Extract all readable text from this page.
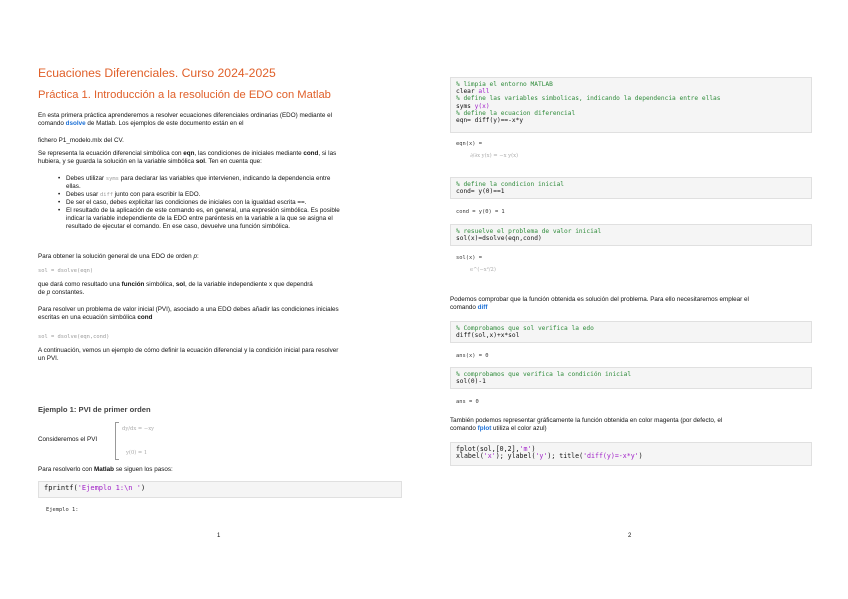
Ecuaciones Diferenciales. Curso 2024-2025
Práctica 1. Introducción a la resolución de EDO con Matlab
En esta primera práctica aprenderemos a resolver ecuaciones diferenciales ordinarias (EDO) mediante el
comando dsolve de Matlab. Los ejemplos de este documento están en el
fichero P1_modelo.mlx del CV.
Se representa la ecuación diferencial simbólica con eqn, las condiciones de iniciales mediante cond, si las
hubiera, y se guarda la solución en la variable simbólica sol. Ten en cuenta que:
• Debes utilizar syms para declarar las variables que intervienen, indicando la dependencia entre
ellas.
• Debes usar diff junto con para escribir la EDO.
• De ser el caso, debes explicitar las condiciones de iniciales con la igualdad escrita ==.
• El resultado de la aplicación de este comando es, en general, una expresión simbólica. Es posible
indicar la variable independiente de la EDO entre paréntesis en la variable a la que se asigna el
resultado de ejecutar el comando. En ese caso, devuelve una función simbólica.
Para obtener la solución general de una EDO de orden p:
sol = dsolve(eqn)
que dará como resultado una función simbólica, sol, de la variable independiente x que dependrá
de p constantes.
Para resolver un problema de valor inicial (PVI), asociado a una EDO debes añadir las condiciones iniciales
escritas en una ecuación simbólica cond
sol = dsolve(eqn,cond)
A continuación, vemos un ejemplo de cómo definir la ecuación diferencial y la condición inicial para resolver
un PVI.
Ejemplo 1: PVI de primer orden
Consideremos el PVI
dy/dx = −xy
y(0) = 1
Para resolverlo con Matlab se siguen los pasos:
fprintf('Ejemplo 1:\n ')
Ejemplo 1:
1
% limpia el entorno MATLAB
clear all
% define las variables simbolicas, indicando la dependencia entre ellas
syms y(x)
% define la ecuacion diferencial
eqn= diff(y)==-x*y
eqn(x) =
∂/∂x y(x) = −x y(x)
% define la condicion inicial
cond= y(0)==1
cond = y(0) = 1
% resuelve el problema de valor inicial
sol(x)=dsolve(eqn,cond)
sol(x) =
e^(−x²/2)
Podemos comprobar que la función obtenida es solución del problema. Para ello necesitaremos emplear el
comando diff
% Comprobamos que sol verifica la edo
diff(sol,x)+x*sol
ans(x) = 0
% comprobamos que verifica la condición inicial
sol(0)-1
ans = 0
También podemos representar gráficamente la función obtenida en color magenta (por defecto, el
comando fplot utiliza el color azul)
fplot(sol,[0,2],'m')
xlabel('x'); ylabel('y'); title('diff(y)=-x*y')
2
